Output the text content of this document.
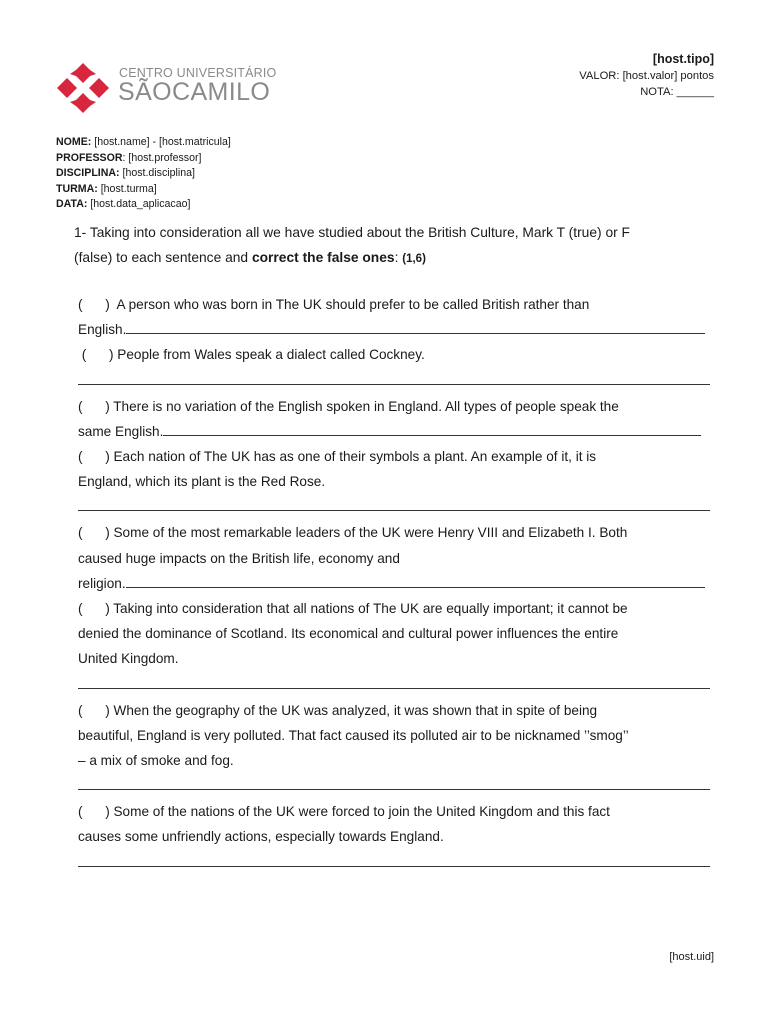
CENTRO UNIVERSITÁRIO
SÃOCAMILO
[host.tipo]
VALOR: [host.valor] pontos
NOTA: ______
NOME: [host.name] - [host.matricula]
PROFESSOR: [host.professor]
DISCIPLINA: [host.disciplina]
TURMA: [host.turma]
DATA: [host.data_aplicacao]
1- Taking into consideration all we have studied about the British Culture, Mark T (true) or F
(false) to each sentence and correct the false ones: (1,6)
(      )  A person who was born in The UK should prefer to be called British rather than
English.
(      ) People from Wales speak a dialect called Cockney.
(      ) There is no variation of the English spoken in England. All types of people speak the
same English.
(      ) Each nation of The UK has as one of their symbols a plant. An example of it, it is
England, which its plant is the Red Rose.
(      ) Some of the most remarkable leaders of the UK were Henry VIII and Elizabeth I. Both
caused huge impacts on the British life, economy and
religion.
(      ) Taking into consideration that all nations of The UK are equally important; it cannot be
denied the dominance of Scotland. Its economical and cultural power influences the entire
United Kingdom.
(      ) When the geography of the UK was analyzed, it was shown that in spite of being
beautiful, England is very polluted. That fact caused its polluted air to be nicknamed ’’smog’’
– a mix of smoke and fog.
(      ) Some of the nations of the UK were forced to join the United Kingdom and this fact
causes some unfriendly actions, especially towards England.
[host.uid]
